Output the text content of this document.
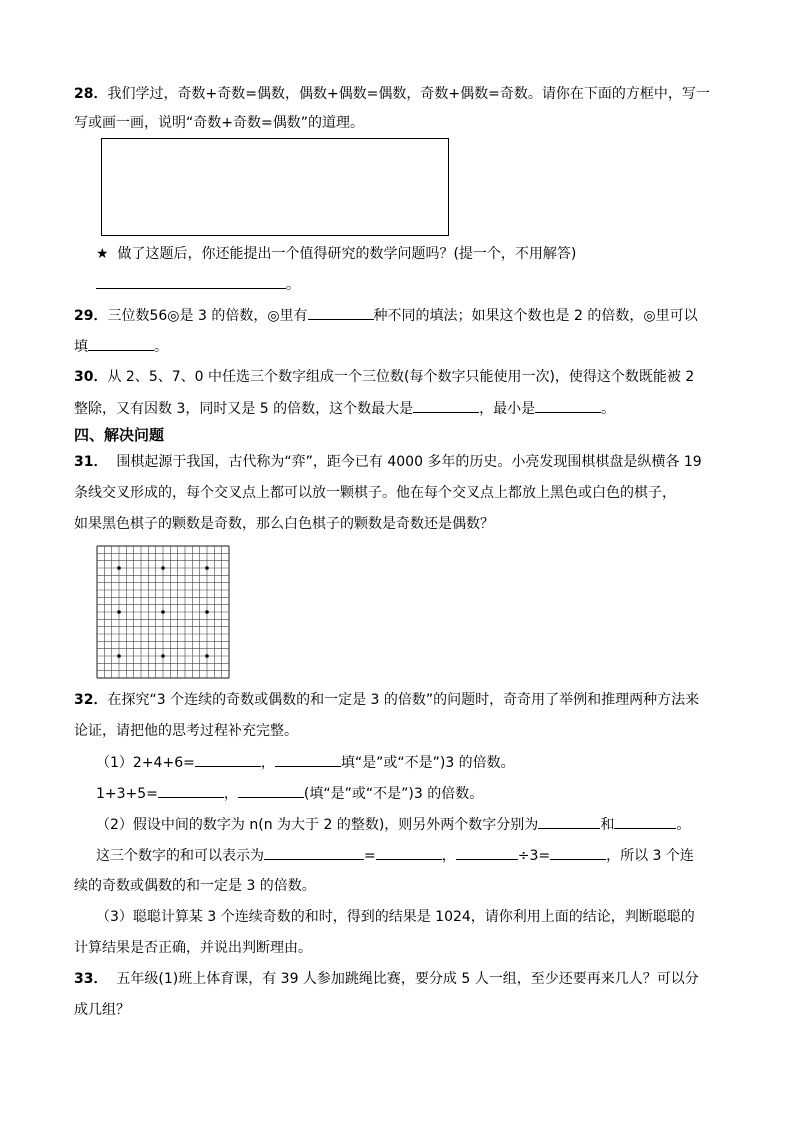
28．我们学过，奇数+奇数=偶数，偶数+偶数=偶数，奇数+偶数=奇数。请你在下面的方框中，写一
写或画一画，说明“奇数+奇数=偶数”的道理。
★ 做了这题后，你还能提出一个值得研究的数学问题吗？(提一个，不用解答)
。
29．三位数56◎是 3 的倍数，◎里有	种不同的填法；如果这个数也是 2 的倍数，◎里可以
填	。
30．从 2、5、7、0 中任选三个数字组成一个三位数(每个数字只能使用一次)，使得这个数既能被 2
整除，又有因数 3，同时又是 5 的倍数，这个数最大是	，最小是	。
四、解决问题
31． 围棋起源于我国，古代称为“弈”，距今已有 4000 多年的历史。小亮发现围棋棋盘是纵横各 19
条线交叉形成的，每个交叉点上都可以放一颗棋子。他在每个交叉点上都放上黑色或白色的棋子，
如果黑色棋子的颗数是奇数，那么白色棋子的颗数是奇数还是偶数？
32．在探究“3 个连续的奇数或偶数的和一定是 3 的倍数”的问题时，奇奇用了举例和推理两种方法来
论证，请把他的思考过程补充完整。
（1）2+4+6=	，	填“是”或“不是”)3 的倍数。
1+3+5=	，	(填“是”或“不是”)3 的倍数。
（2）假设中间的数字为 n(n 为大于 2 的整数)，则另外两个数字分别为	和	。
这三个数字的和可以表示为	=	，	÷3=	，所以 3 个连
续的奇数或偶数的和一定是 3 的倍数。
（3）聪聪计算某 3 个连续奇数的和时，得到的结果是 1024，请你利用上面的结论，判断聪聪的
计算结果是否正确，并说出判断理由。
33． 五年级(1)班上体育课，有 39 人参加跳绳比赛，要分成 5 人一组，至少还要再来几人？可以分
成几组？
